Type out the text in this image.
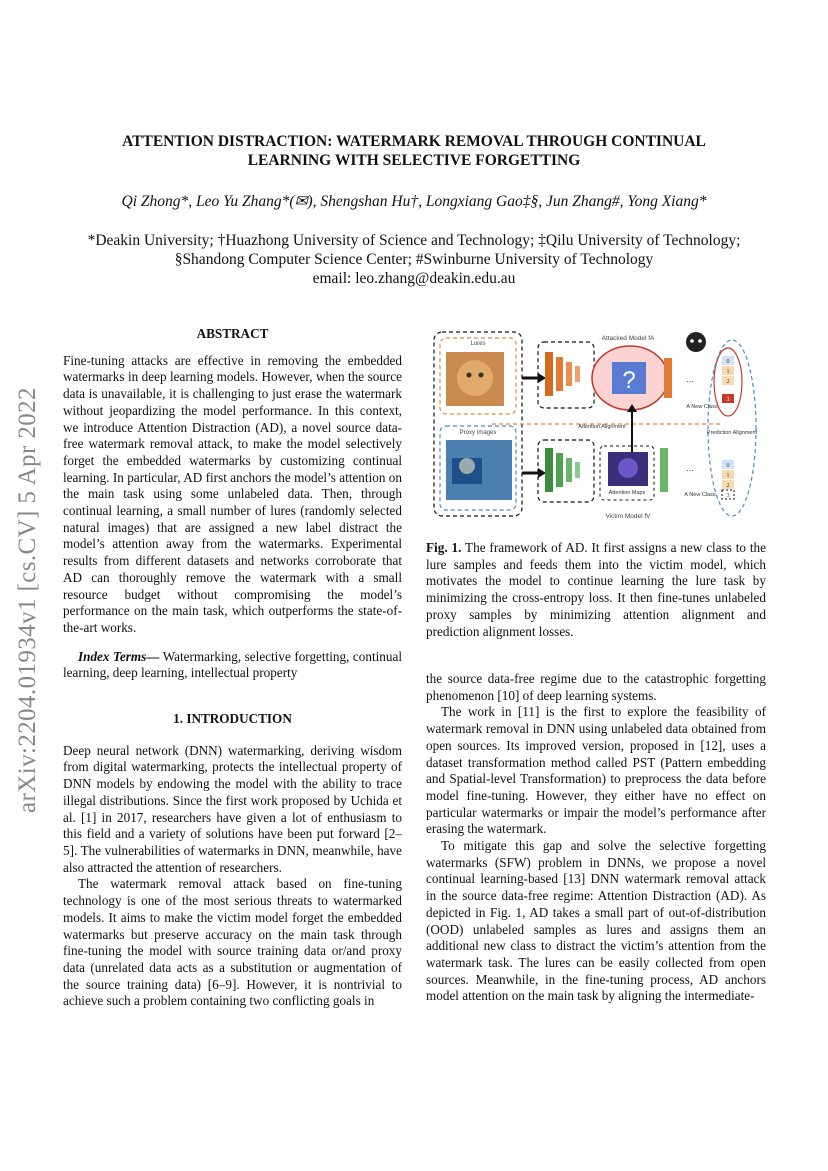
arXiv:2204.01934v1 [cs.CV] 5 Apr 2022
ATTENTION DISTRACTION: WATERMARK REMOVAL THROUGH CONTINUAL
LEARNING WITH SELECTIVE FORGETTING
Qi Zhong*, Leo Yu Zhang*(✉), Shengshan Hu†, Longxiang Gao‡§, Jun Zhang#, Yong Xiang*
*Deakin University; †Huazhong University of Science and Technology; ‡Qilu University of Technology;
§Shandong Computer Science Center; #Swinburne University of Technology
email: leo.zhang@deakin.edu.au
ABSTRACT

Fine-tuning attacks are effective in removing the embedded watermarks in deep learning models. However, when the source data is unavailable, it is challenging to just erase the watermark without jeopardizing the model performance. In this context, we introduce Attention Distraction (AD), a novel source data-free watermark removal attack, to make the model selectively forget the embedded watermarks by customizing continual learning. In particular, AD first anchors the model’s attention on the main task using some unlabeled data. Then, through continual learning, a small number of lures (randomly selected natural images) that are assigned a new label distract the model’s attention away from the watermarks. Experimental results from different datasets and networks corroborate that AD can thoroughly remove the watermark with a small resource budget without compromising the model’s performance on the main task, which outperforms the state-of-the-art works.

Index Terms— Watermarking, selective forgetting, continual learning, deep learning, intellectual property

1. INTRODUCTION

Deep neural network (DNN) watermarking, deriving wisdom from digital watermarking, protects the intellectual property of DNN models by endowing the model with the ability to trace illegal distributions. Since the first work proposed by Uchida et al. [1] in 2017, researchers have given a lot of enthusiasm to this field and a variety of solutions have been put forward [2–5]. The vulnerabilities of watermarks in DNN, meanwhile, have also attracted the attention of researchers.

The watermark removal attack based on fine-tuning technology is one of the most serious threats to watermarked models. It aims to make the victim model forget the embedded watermarks but preserve accuracy on the main task through fine-tuning the model with source training data or/and proxy data (unrelated data acts as a substitution or augmentation of the source training data) [6–9]. However, it is nontrivial to achieve such a problem containing two conflicting goals in

Lures
Proxy Images
Attacked Model fA
?	…
0
1
2
3
A New Class
Prediction Alignment
Attention Alignment
Attention Maps
…
Victim Model fV
0
1
2
3
A New Class
Fig. 1. The framework of AD. It first assigns a new class to the lure samples and feeds them into the victim model, which motivates the model to continue learning the lure task by minimizing the cross-entropy loss. It then fine-tunes unlabeled proxy samples by minimizing attention alignment and prediction alignment losses.

the source data-free regime due to the catastrophic forgetting phenomenon [10] of deep learning systems.

The work in [11] is the first to explore the feasibility of watermark removal in DNN using unlabeled data obtained from open sources. Its improved version, proposed in [12], uses a dataset transformation method called PST (Pattern embedding and Spatial-level Transformation) to preprocess the data before model fine-tuning. However, they either have no effect on particular watermarks or impair the model’s performance after erasing the watermark.

To mitigate this gap and solve the selective forgetting watermarks (SFW) problem in DNNs, we propose a novel continual learning-based [13] DNN watermark removal attack in the source data-free regime: Attention Distraction (AD). As depicted in Fig. 1, AD takes a small part of out-of-distribution (OOD) unlabeled samples as lures and assigns them an additional new class to distract the victim’s attention from the watermark task. The lures can be easily collected from open sources. Meanwhile, in the fine-tuning process, AD anchors model attention on the main task by aligning the intermediate-
